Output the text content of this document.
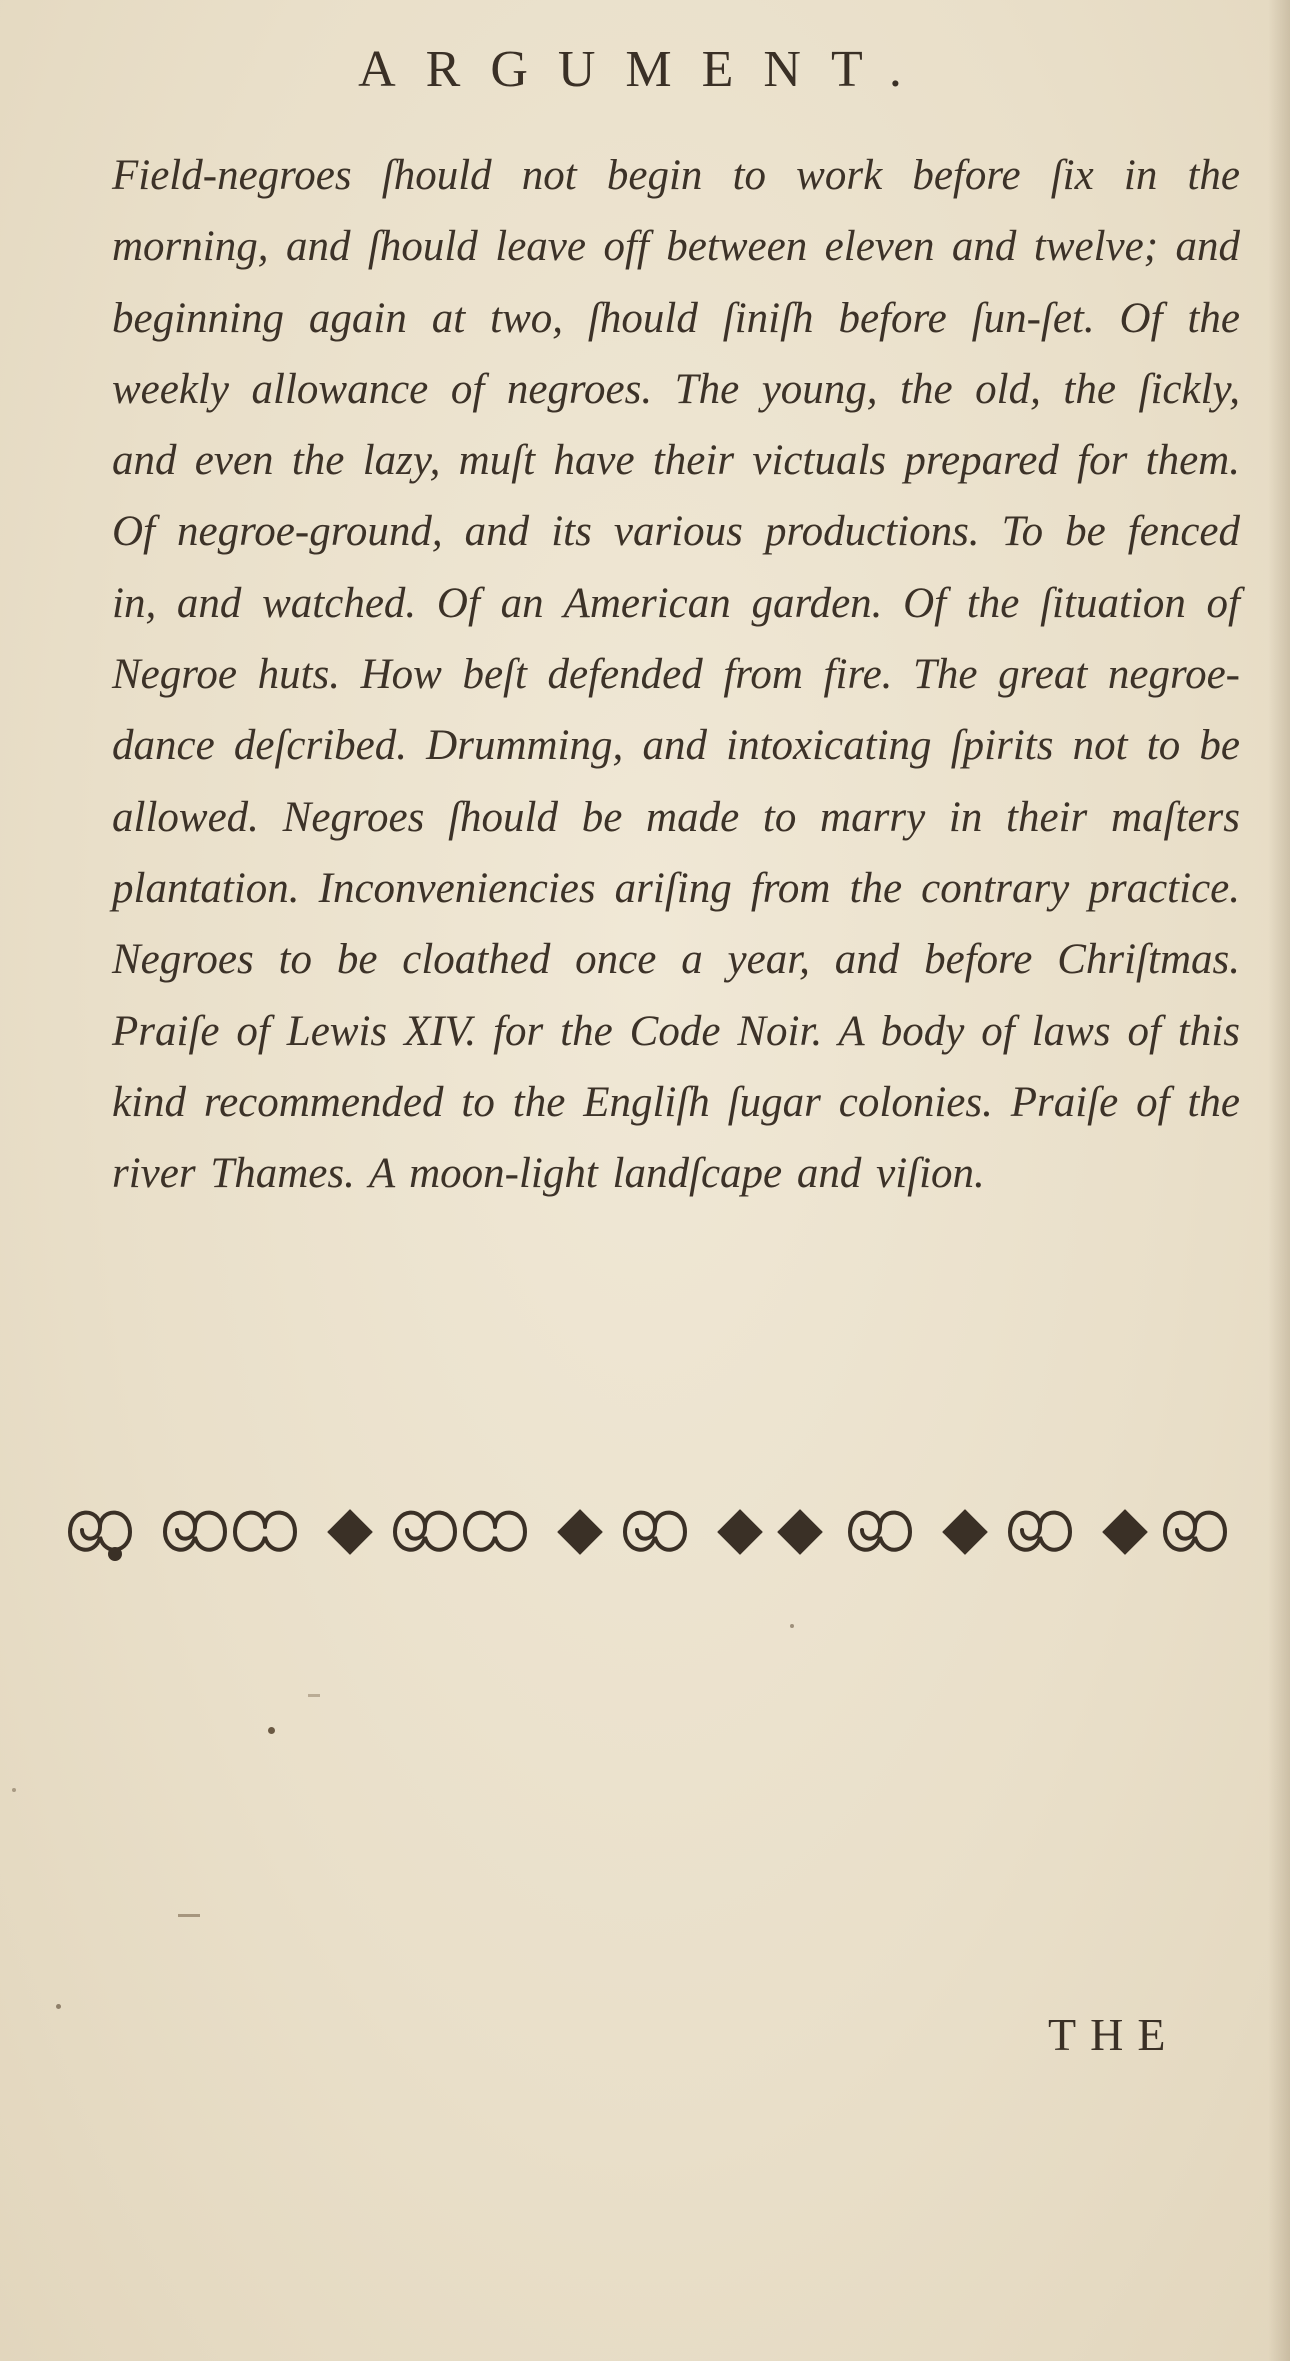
ARGUMENT.
Field-negroes ſhould not begin to work before ſix in the morning, and ſhould leave off between eleven and twelve; and beginning again at two, ſhould ſiniſh before ſun-ſet. Of the weekly allowance of negroes. The young, the old, the ſickly, and even the lazy, muſt have their victuals prepared for them. Of negroe-ground, and its various productions. To be fenced in, and watched. Of an American garden. Of the ſituation of Negroe huts. How beſt defended from fire. The great negroe-dance deſcribed. Drumming, and intoxicating ſpirits not to be allowed. Negroes ſhould be made to marry in their maſters plantation. Inconveniencies ariſing from the contrary practice. Negroes to be cloathed once a year, and before Chriſtmas. Praiſe of Lewis XIV. for the Code Noir. A body of laws of this kind recommended to the Engliſh ſugar colonies. Praiſe of the river Thames. A moon-light landſcape and viſion.
THE
